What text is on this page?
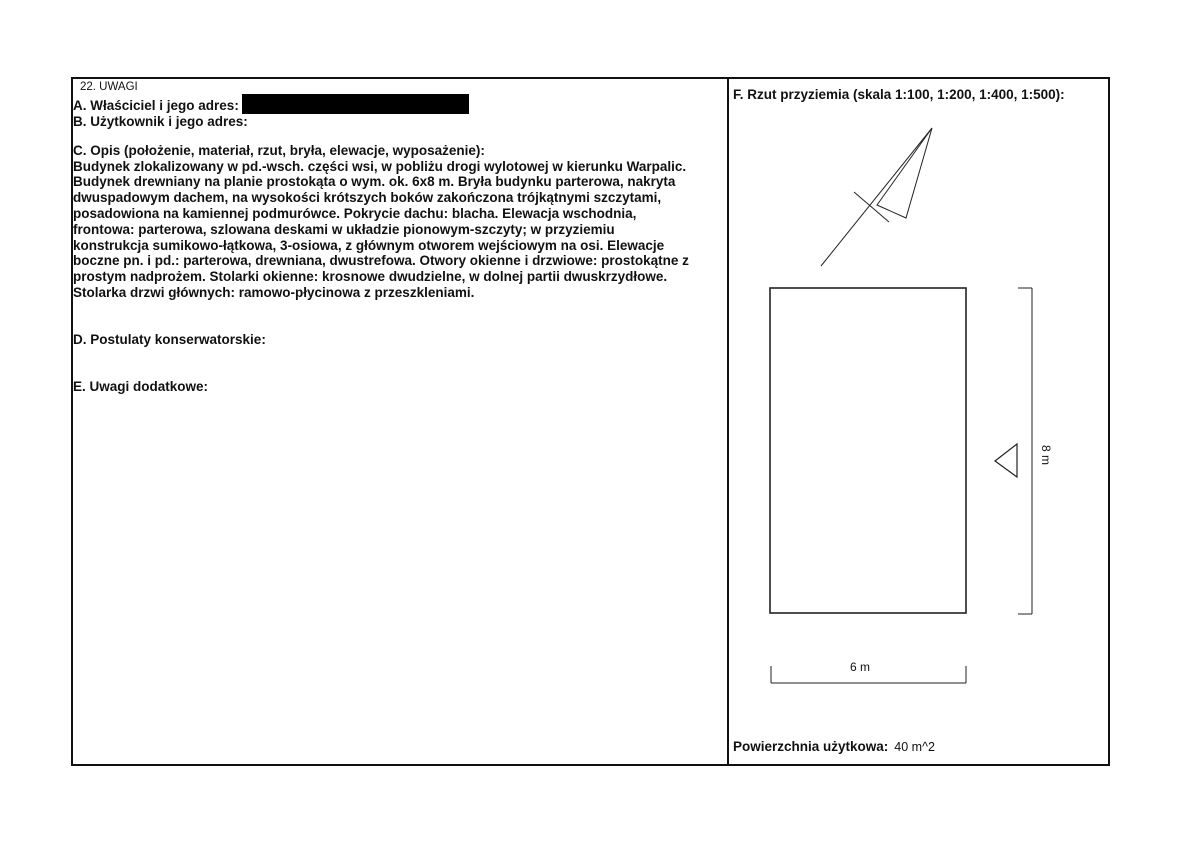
22. UWAGI
A. Właściciel i jego adres:
B. Użytkownik i jego adres:
C. Opis (położenie, materiał, rzut, bryła, elewacje, wyposażenie):
Budynek zlokalizowany w pd.-wsch. części wsi, w pobliżu drogi wylotowej w kierunku Warpalic.
Budynek drewniany na planie prostokąta o wym. ok. 6x8 m. Bryła budynku parterowa, nakryta
dwuspadowym dachem, na wysokości krótszych boków zakończona trójkątnymi szczytami,
posadowiona na kamiennej podmurówce. Pokrycie dachu: blacha. Elewacja wschodnia,
frontowa: parterowa, szlowana deskami w układzie pionowym-szczyty; w przyziemiu
konstrukcja sumikowo-łątkowa, 3-osiowa, z głównym otworem wejściowym na osi. Elewacje
boczne pn. i pd.: parterowa, drewniana, dwustrefowa. Otwory okienne i drzwiowe: prostokątne z
prostym nadprożem. Stolarki okienne: krosnowe dwudzielne, w dolnej partii dwuskrzydłowe.
Stolarka drzwi głównych: ramowo-płycinowa z przeszkleniami.
D. Postulaty konserwatorskie:
E. Uwagi dodatkowe:
F. Rzut przyziemia (skala 1:100, 1:200, 1:400, 1:500):
6 m
8 m
Powierzchnia użytkowa: 40 m^2
